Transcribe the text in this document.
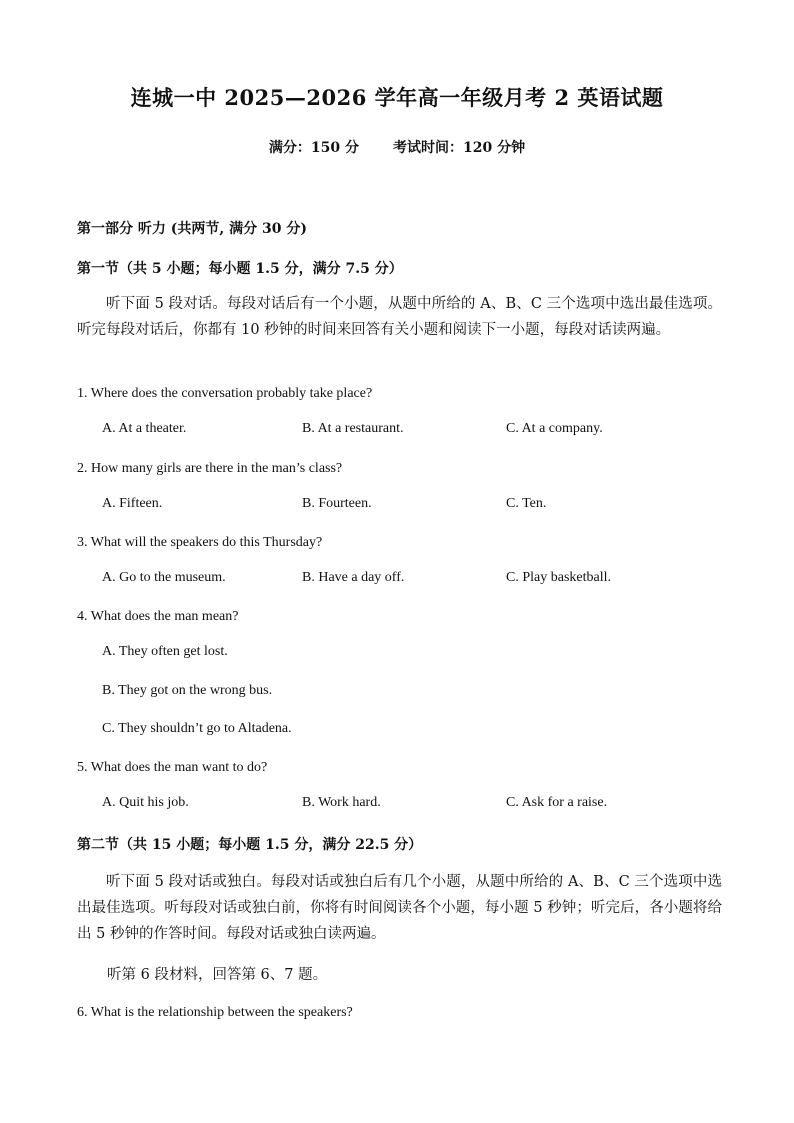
连城一中 2025—2026 学年高一年级月考 2 英语试题
满分：150 分 考试时间：120 分钟
第一部分 听力 (共两节, 满分 30 分)
第一节（共 5 小题；每小题 1.5 分，满分 7.5 分）
听下面 5 段对话。每段对话后有一个小题，从题中所给的 A、B、C 三个选项中选出最佳选项。听完每段对话后，你都有 10 秒钟的时间来回答有关小题和阅读下一小题，每段对话读两遍。
1. Where does the conversation probably take place?
A. At a theater.	B. At a restaurant.	C. At a company.
2. How many girls are there in the man’s class?
A. Fifteen.	B. Fourteen.	C. Ten.
3. What will the speakers do this Thursday?
A. Go to the museum.	B. Have a day off.	C. Play basketball.
4. What does the man mean?
A. They often get lost.
B. They got on the wrong bus.
C. They shouldn’t go to Altadena.
5. What does the man want to do?
A. Quit his job.	B. Work hard.	C. Ask for a raise.
第二节（共 15 小题；每小题 1.5 分，满分 22.5 分）
听下面 5 段对话或独白。每段对话或独白后有几个小题，从题中所给的 A、B、C 三个选项中选出最佳选项。听每段对话或独白前，你将有时间阅读各个小题，每小题 5 秒钟；听完后，各小题将给出 5 秒钟的作答时间。每段对话或独白读两遍。
听第 6 段材料，回答第 6、7 题。
6. What is the relationship between the speakers?
